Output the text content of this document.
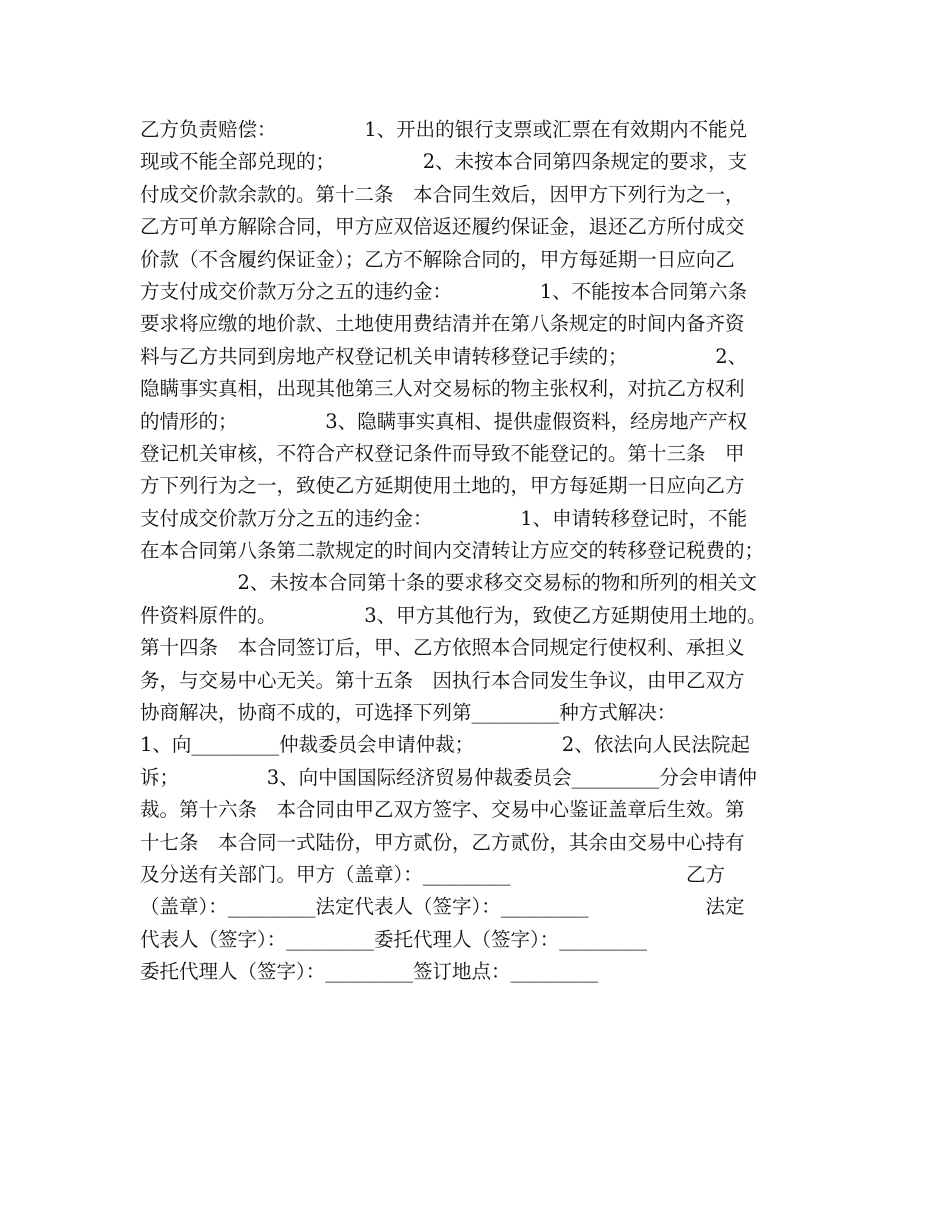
乙方负责赔偿：　　　　　1、开出的银行支票或汇票在有效期内不能兑
现或不能全部兑现的；　　　　　2、未按本合同第四条规定的要求，支
付成交价款余款的。第十二条　本合同生效后，因甲方下列行为之一，
乙方可单方解除合同，甲方应双倍返还履约保证金，退还乙方所付成交
价款（不含履约保证金）；乙方不解除合同的，甲方每延期一日应向乙
方支付成交价款万分之五的违约金：　　　　　1、不能按本合同第六条
要求将应缴的地价款、土地使用费结清并在第八条规定的时间内备齐资
料与乙方共同到房地产权登记机关申请转移登记手续的；　　　　　2、
隐瞒事实真相，出现其他第三人对交易标的物主张权利，对抗乙方权利
的情形的；　　　　　3、隐瞒事实真相、提供虚假资料，经房地产产权
登记机关审核，不符合产权登记条件而导致不能登记的。第十三条　甲
方下列行为之一，致使乙方延期使用土地的，甲方每延期一日应向乙方
支付成交价款万分之五的违约金：　　　　　1、申请转移登记时，不能
在本合同第八条第二款规定的时间内交清转让方应交的转移登记税费的；
　　　　　2、未按本合同第十条的要求移交交易标的物和所列的相关文
件资料原件的。　　　　　3、甲方其他行为，致使乙方延期使用土地的。
第十四条　本合同签订后，甲、乙方依照本合同规定行使权利、承担义
务，与交易中心无关。第十五条　因执行本合同发生争议，由甲乙双方
协商解决，协商不成的，可选择下列第_________种方式解决：
1、向_________仲裁委员会申请仲裁；　　　　　2、依法向人民法院起
诉；　　　　　3、向中国国际经济贸易仲裁委员会_________分会申请仲
裁。第十六条　本合同由甲乙双方签字、交易中心鉴证盖章后生效。第
十七条　本合同一式陆份，甲方贰份，乙方贰份，其余由交易中心持有
及分送有关部门。甲方（盖章）：_________　　　　　　　　　乙方
（盖章）：_________法定代表人（签字）：_________　　　　　　法定
代表人（签字）：_________委托代理人（签字）：_________
委托代理人（签字）：_________签订地点：_________
